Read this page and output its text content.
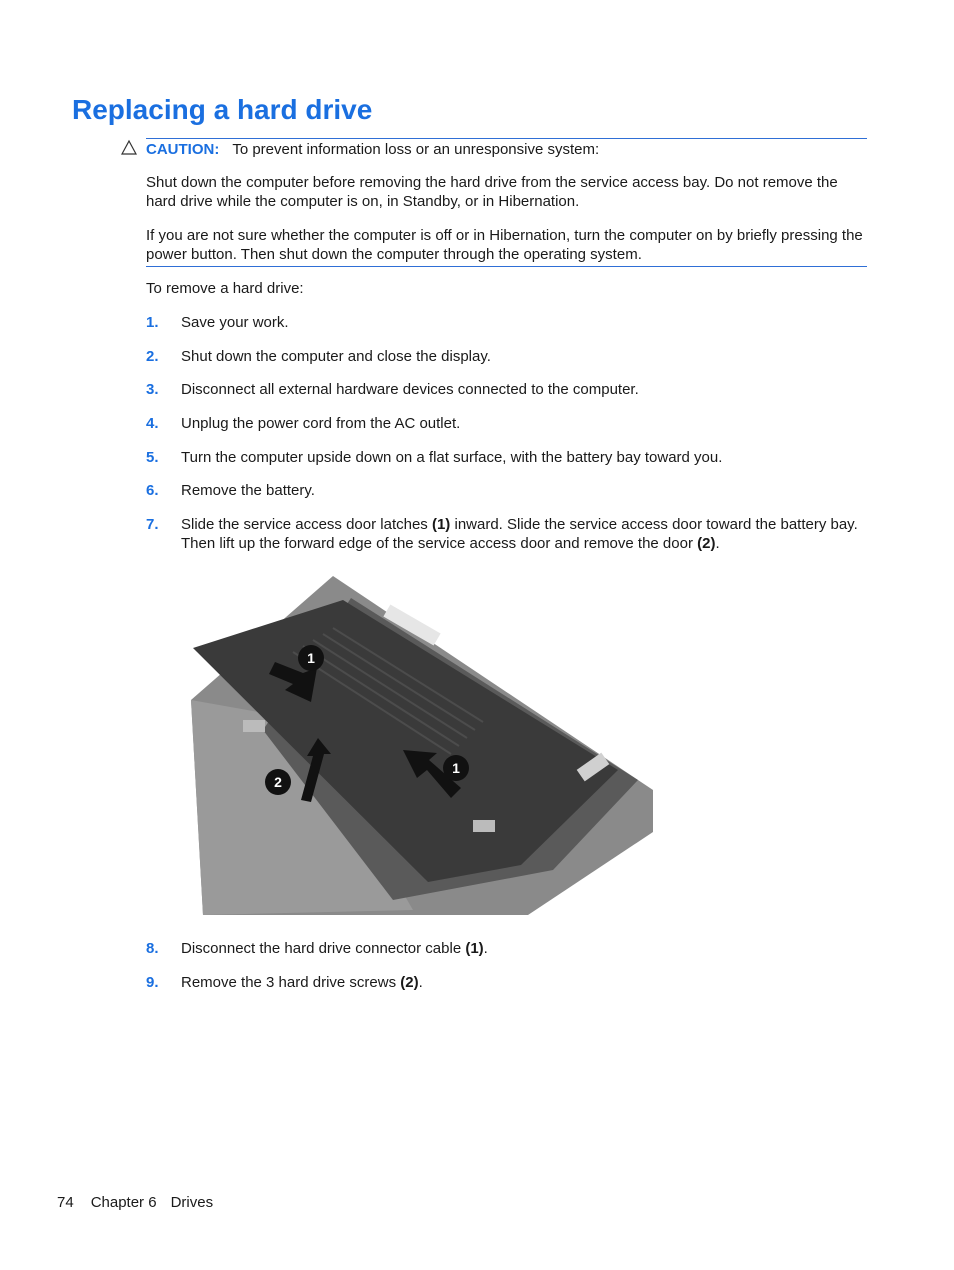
Replacing a hard drive
CAUTION: To prevent information loss or an unresponsive system:

Shut down the computer before removing the hard drive from the service access bay. Do not remove the hard drive while the computer is on, in Standby, or in Hibernation.

If you are not sure whether the computer is off or in Hibernation, turn the computer on by briefly pressing the power button. Then shut down the computer through the operating system.

To remove a hard drive:

1. Save your work.
2. Shut down the computer and close the display.
3. Disconnect all external hardware devices connected to the computer.
4. Unplug the power cord from the AC outlet.
5. Turn the computer upside down on a flat surface, with the battery bay toward you.
6. Remove the battery.
7. Slide the service access door latches (1) inward. Slide the service access door toward the battery bay. Then lift up the forward edge of the service access door and remove the door (2).
1
1
2
8. Disconnect the hard drive connector cable (1).
9. Remove the 3 hard drive screws (2).
74 Chapter 6 Drives
